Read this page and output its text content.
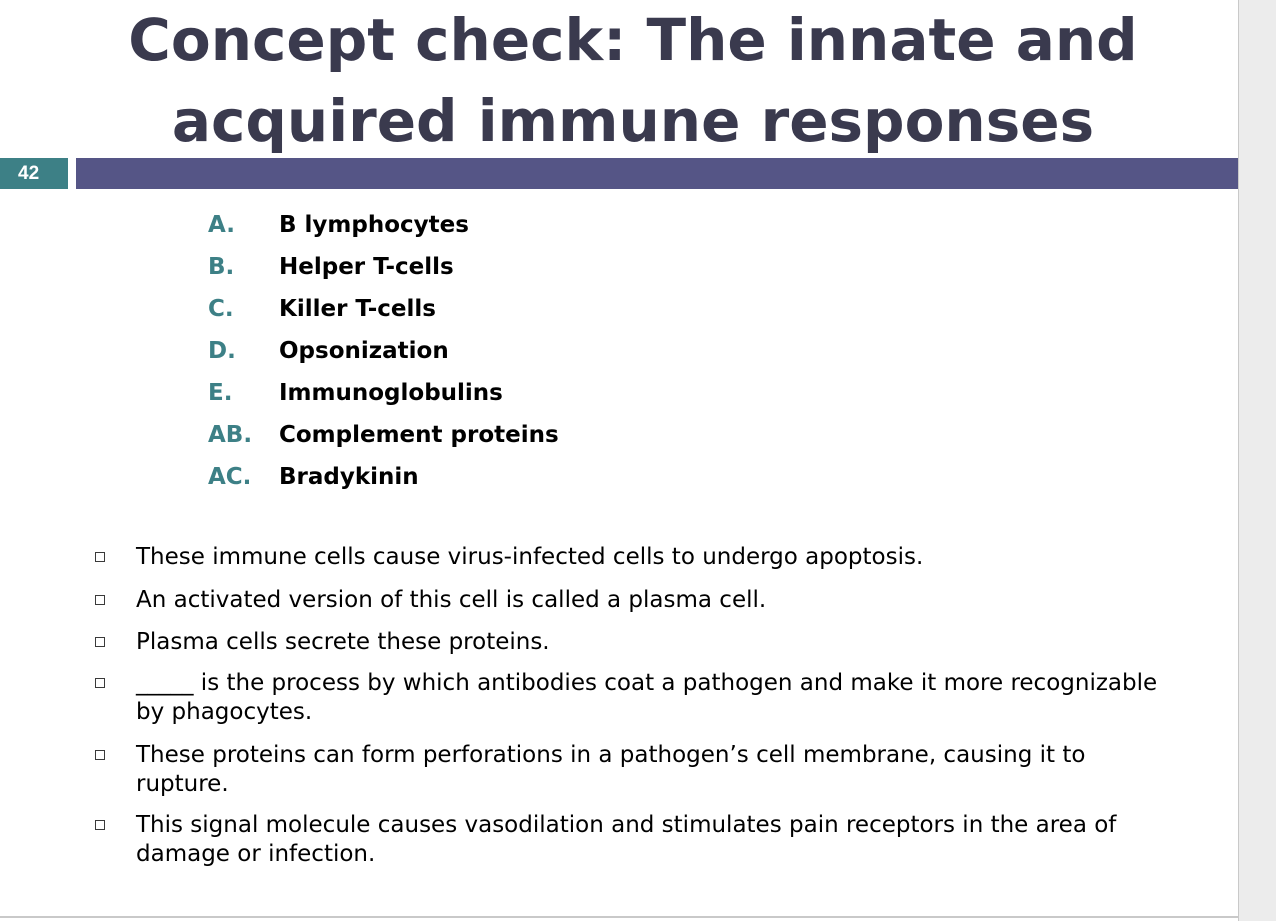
Concept check: The innate and
acquired immune responses
42
A.	B lymphocytes
B.	Helper T-cells
C.	Killer T-cells
D.	Opsonization
E.	Immunoglobulins
AB.	Complement proteins
AC.	Bradykinin
These immune cells cause virus-infected cells to undergo apoptosis.
An activated version of this cell is called a plasma cell.
Plasma cells secrete these proteins.
_____ is the process by which antibodies coat a pathogen and make it more recognizable by phagocytes.
These proteins can form perforations in a pathogen’s cell membrane, causing it to rupture.
This signal molecule causes vasodilation and stimulates pain receptors in the area of damage or infection.
